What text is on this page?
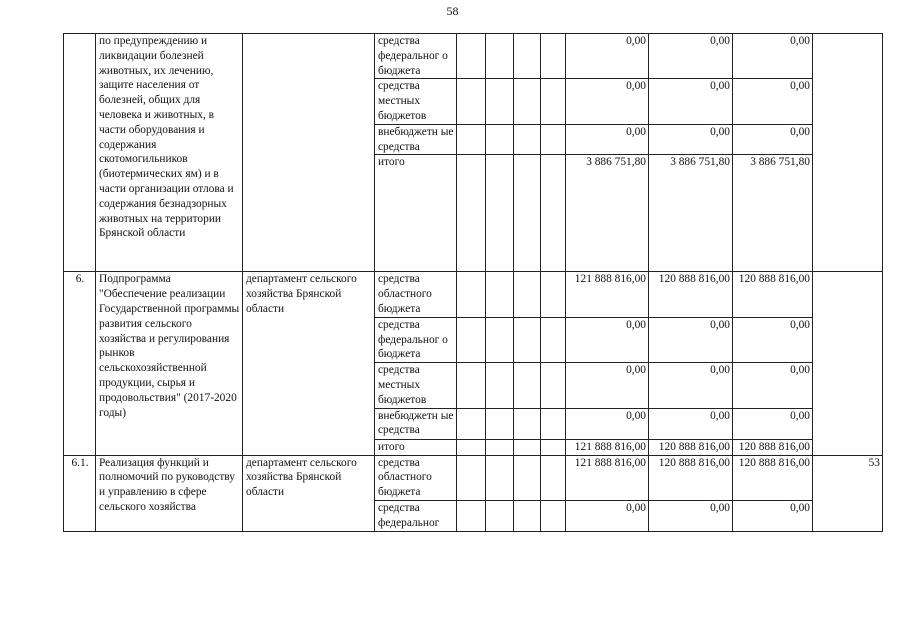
58
	по предупреждению и ликвидации болезней животных, их лечению, защите населения от болезней, общих для человека и животных, в части оборудования и содержания скотомогильников (биотермических ям) и в части организации отлова и содержания безнадзорных животных на территории Брянской области		средства федеральног о бюджета					0,00	0,00	0,00	
			средства местных бюджетов					0,00	0,00	0,00	
			внебюджетн ые средства					0,00	0,00	0,00	
			итого					3 886 751,80	3 886 751,80	3 886 751,80	
6.	Подпрограмма "Обеспечение реализации Государственной программы развития сельского хозяйства и регулирования рынков сельскохозяйственной продукции, сырья и продовольствия" (2017-2020 годы)	департамент сельского хозяйства Брянской области	средства областного бюджета					121 888 816,00	120 888 816,00	120 888 816,00	
			средства федеральног о бюджета					0,00	0,00	0,00	
			средства местных бюджетов					0,00	0,00	0,00	
			внебюджетн ые средства					0,00	0,00	0,00	
			итого					121 888 816,00	120 888 816,00	120 888 816,00	
6.1.	Реализация функций и полномочий по руководству и управлению в сфере сельского хозяйства	департамент сельского хозяйства Брянской области	средства областного бюджета					121 888 816,00	120 888 816,00	120 888 816,00	53
			средства федеральног					0,00	0,00	0,00	
